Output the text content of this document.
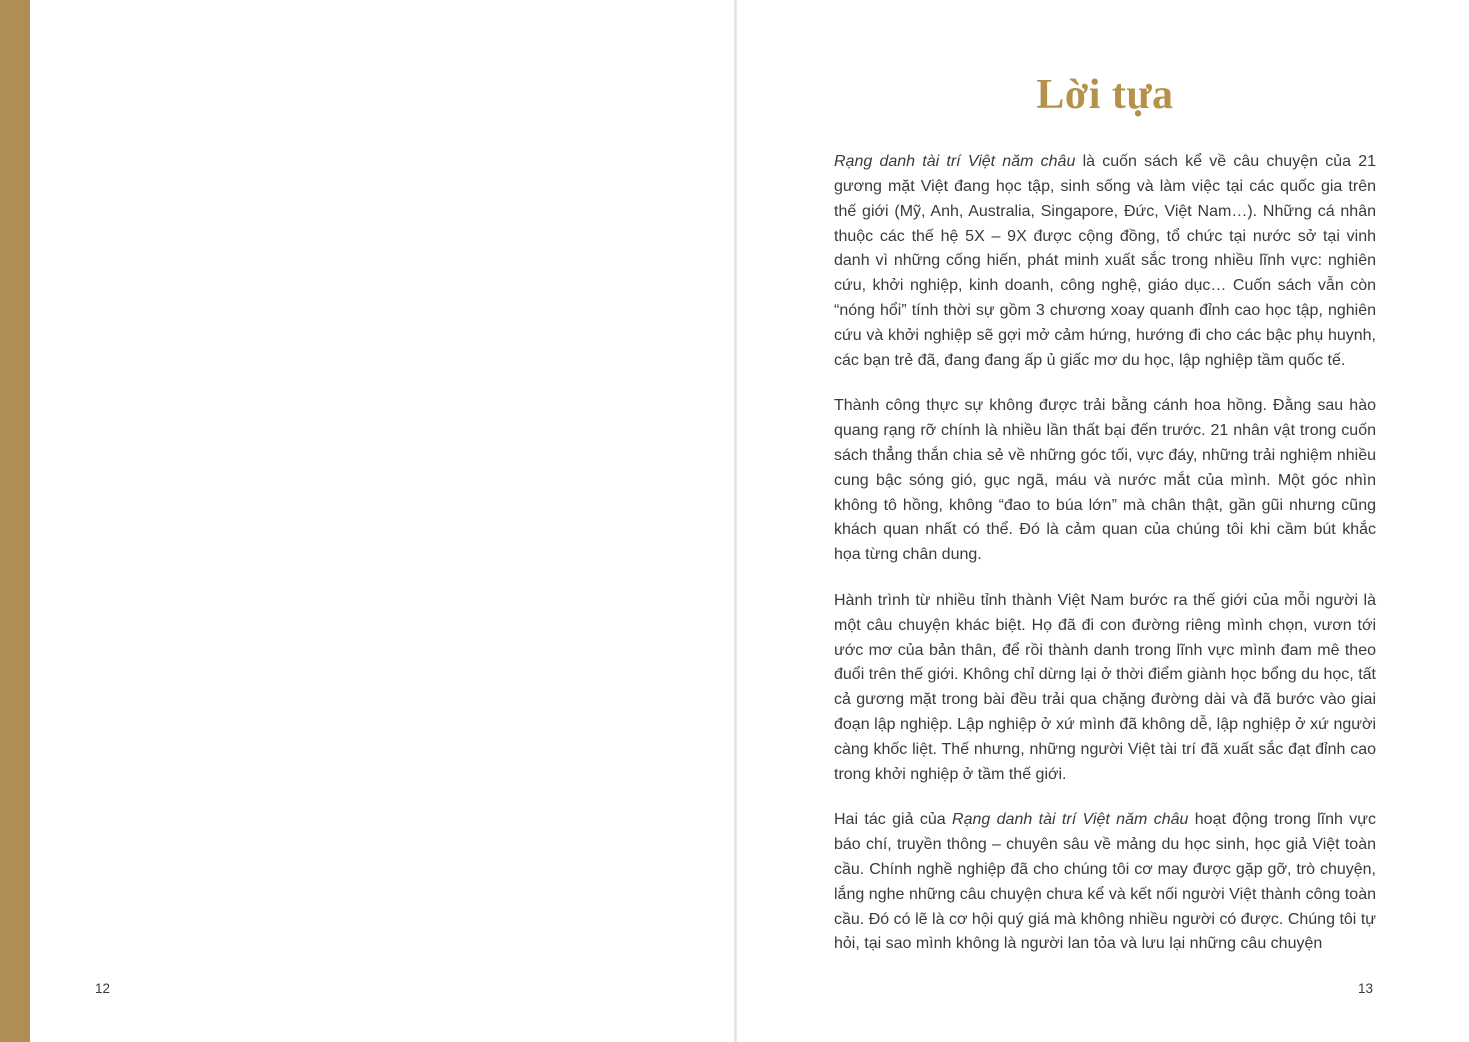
12
Lời tựa

Rạng danh tài trí Việt năm châu là cuốn sách kể về câu chuyện của 21 gương mặt Việt đang học tập, sinh sống và làm việc tại các quốc gia trên thế giới (Mỹ, Anh, Australia, Singapore, Đức, Việt Nam…). Những cá nhân thuộc các thế hệ 5X – 9X được cộng đồng, tổ chức tại nước sở tại vinh danh vì những cống hiến, phát minh xuất sắc trong nhiều lĩnh vực: nghiên cứu, khởi nghiệp, kinh doanh, công nghệ, giáo dục… Cuốn sách vẫn còn “nóng hổi” tính thời sự gồm 3 chương xoay quanh đỉnh cao học tập, nghiên cứu và khởi nghiệp sẽ gợi mở cảm hứng, hướng đi cho các bậc phụ huynh, các bạn trẻ đã, đang đang ấp ủ giấc mơ du học, lập nghiệp tầm quốc tế.

Thành công thực sự không được trải bằng cánh hoa hồng. Đằng sau hào quang rạng rỡ chính là nhiều lần thất bại đến trước. 21 nhân vật trong cuốn sách thẳng thắn chia sẻ về những góc tối, vực đáy, những trải nghiệm nhiều cung bậc sóng gió, gục ngã, máu và nước mắt của mình. Một góc nhìn không tô hồng, không “đao to búa lớn” mà chân thật, gần gũi nhưng cũng khách quan nhất có thể. Đó là cảm quan của chúng tôi khi cầm bút khắc họa từng chân dung.

Hành trình từ nhiều tỉnh thành Việt Nam bước ra thế giới của mỗi người là một câu chuyện khác biệt. Họ đã đi con đường riêng mình chọn, vươn tới ước mơ của bản thân, để rồi thành danh trong lĩnh vực mình đam mê theo đuổi trên thế giới. Không chỉ dừng lại ở thời điểm giành học bổng du học, tất cả gương mặt trong bài đều trải qua chặng đường dài và đã bước vào giai đoạn lập nghiệp. Lập nghiệp ở xứ mình đã không dễ, lập nghiệp ở xứ người càng khốc liệt. Thế nhưng, những người Việt tài trí đã xuất sắc đạt đỉnh cao trong khởi nghiệp ở tầm thế giới.

Hai tác giả của Rạng danh tài trí Việt năm châu hoạt động trong lĩnh vực báo chí, truyền thông – chuyên sâu về mảng du học sinh, học giả Việt toàn cầu. Chính nghề nghiệp đã cho chúng tôi cơ may được gặp gỡ, trò chuyện, lắng nghe những câu chuyện chưa kể và kết nối người Việt thành công toàn cầu. Đó có lẽ là cơ hội quý giá mà không nhiều người có được. Chúng tôi tự hỏi, tại sao mình không là người lan tỏa và lưu lại những câu chuyện

13
